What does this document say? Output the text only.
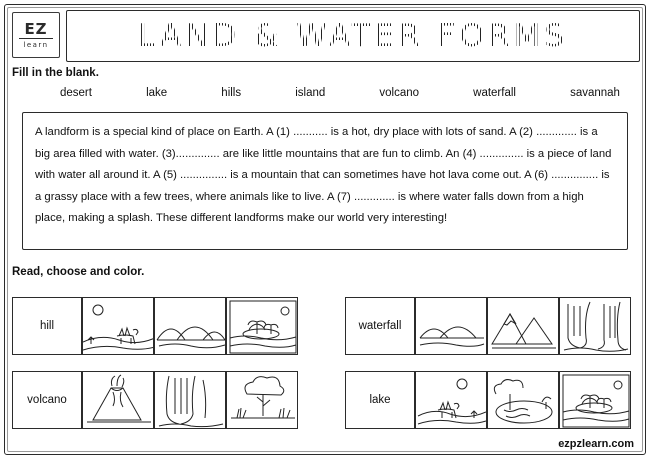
EZ
learn	LAND & WATER FORMS
Fill in the blank.
desert	lake	hills	island	volcano	waterfall	savannah

A landform is a special kind of place on Earth. A (1) ........... is a hot, dry place with lots of sand. A (2) ............. is a big area filled with water. (3).............. are like little mountains that are fun to climb. An (4) .............. is a piece of land with water all around it. A (5) ............... is a mountain that can sometimes have hot lava come out. A (6) ............... is a grassy place with a few trees, where animals like to live. A (7) ............. is where water falls down from a high place, making a splash. These different landforms make our world very interesting!

Read, choose and color.
hill	waterfall
volcano	lake
ezpzlearn.com
